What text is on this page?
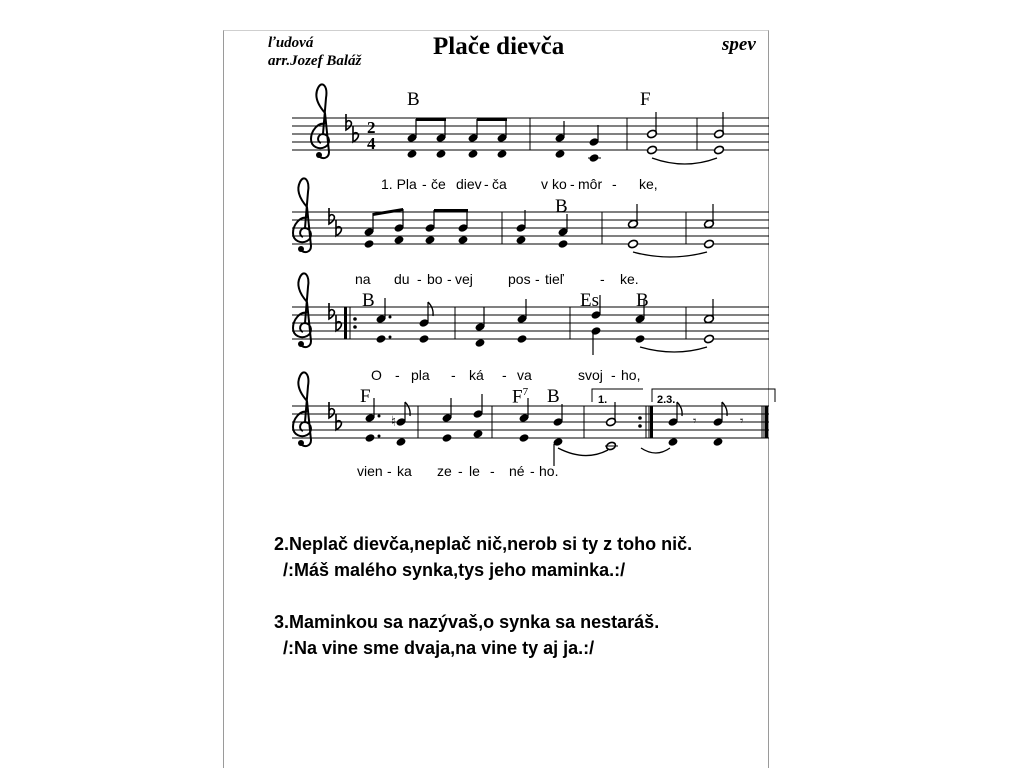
ľudová
arr.Jozef Baláž
Plače dievča	spev
B	F
B
B	Es B
F	$F^7$ B	1.	2.3.
1. Pla - če diev - ča v ko - môr - ke,
na du - bo - vej	pos - tieľ	- ke.
O - pla - ká - va	svoj - ho,
vien - ka ze - le - né - ho.
2.Neplač dievča,neplač nič,nerob si ty z toho nič.
/:Máš malého synka,tys jeho maminka.:/
3.Maminkou sa nazývaš,o synka sa nestaráš.
/:Na vine sme dvaja,na vine ty aj ja.:/
2
4
♮	𝄾	𝄾
